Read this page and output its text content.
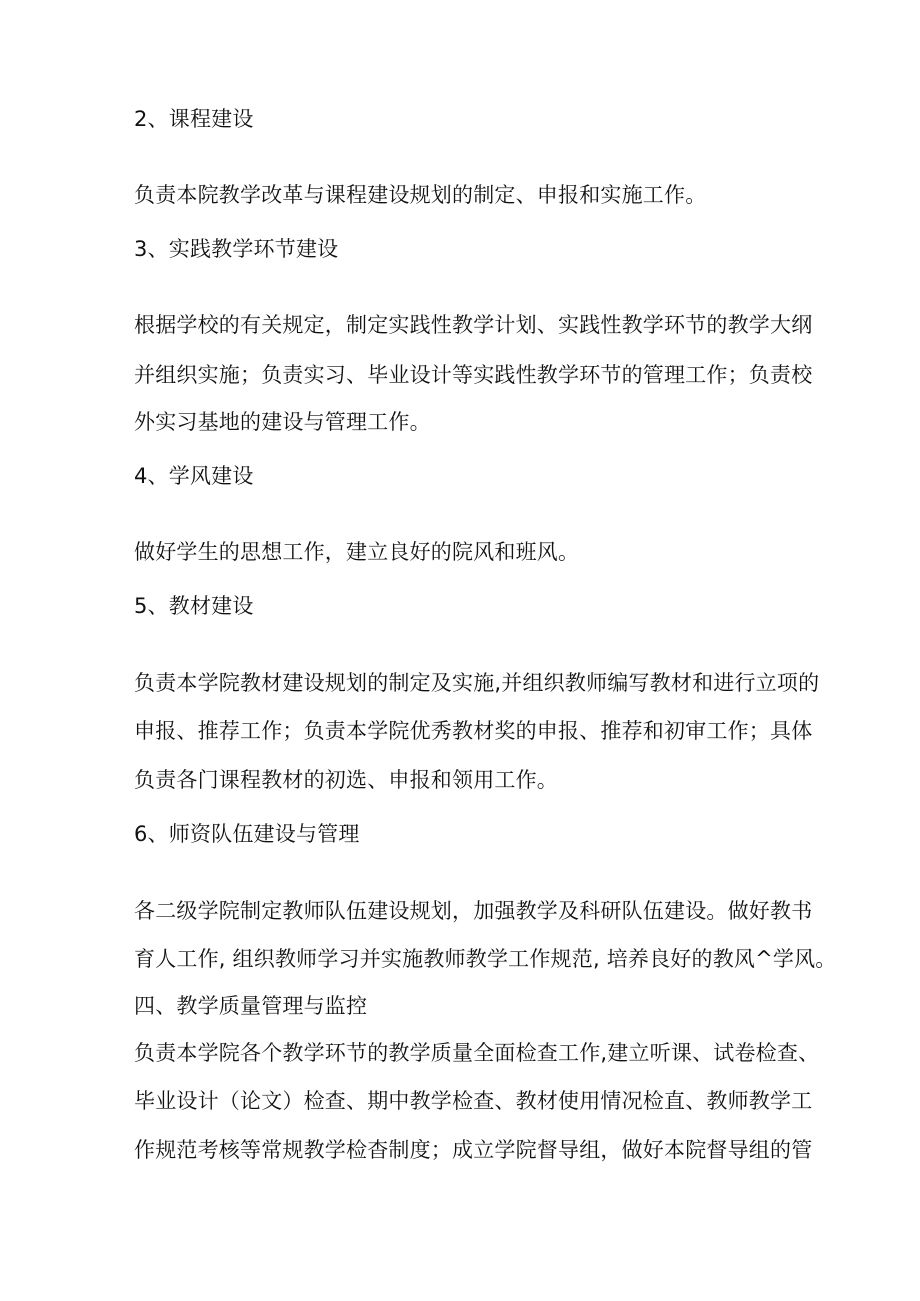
2、课程建设

负责本院教学改革与课程建设规划的制定、申报和实施工作。

3、实践教学环节建设

根据学校的有关规定，制定实践性教学计划、实践性教学环节的教学大纲

并组织实施；负责实习、毕业设计等实践性教学环节的管理工作；负责校

外实习基地的建设与管理工作。

4、学风建设

做好学生的思想工作，建立良好的院风和班风。

5、教材建设

负责本学院教材建设规划的制定及实施,并组织教师编写教材和进行立项的

申报、推荐工作；负责本学院优秀教材奖的申报、推荐和初审工作；具体

负责各门课程教材的初选、申报和领用工作。

6、师资队伍建设与管理

各二级学院制定教师队伍建设规划，加强教学及科研队伍建设。做好教书

育人工作, 组织教师学习并实施教师教学工作规范, 培养良好的教风^学风。

四、教学质量管理与监控

负责本学院各个教学环节的教学质量全面检查工作,建立听课、试卷检查、

毕业设计（论文）检查、期中教学检查、教材使用情况检直、教师教学工

作规范考核等常规教学检杳制度；成立学院督导组，做好本院督导组的管
